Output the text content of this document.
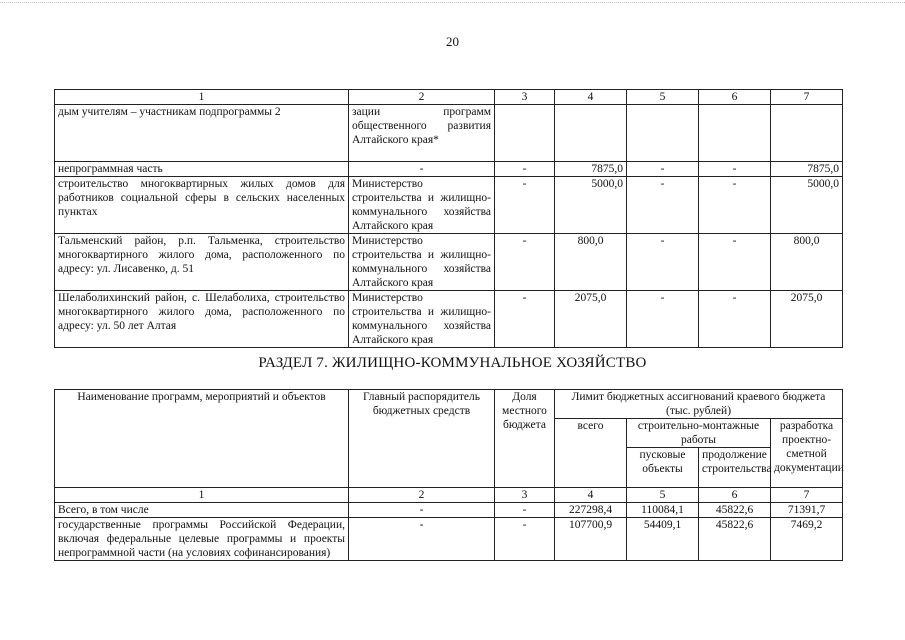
20
1	2	3	4	5	6	7
дым учителям – участникам подпрограммы 2	зации программ общественного развития Алтайского края*					
непрограммная часть	-	-	7875,0	-	-	7875,0
строительство многоквартирных жилых домов для работников социальной сферы в сельских населенных пунктах	Министерство строительства и жилищно-коммунального хозяйства Алтайского края	-	5000,0	-	-	5000,0
Тальменский район, р.п. Тальменка, строительство многоквартирного жилого дома, расположенного по адресу: ул. Лисавенко, д. 51	Министерство строительства и жилищно-коммунального хозяйства Алтайского края	-	800,0	-	-	800,0
Шелаболихинский район, с. Шелаболиха, строительство многоквартирного жилого дома, расположенного по адресу: ул. 50 лет Алтая	Министерство строительства и жилищно-коммунального хозяйства Алтайского края	-	2075,0	-	-	2075,0
РАЗДЕЛ 7. ЖИЛИЩНО-КОММУНАЛЬНОЕ ХОЗЯЙСТВО
Наименование программ, мероприятий и объектов	Главный распорядитель бюджетных средств	Доля местного бюджета	Лимит бюджетных ассигнований краевого бюджета (тыс. рублей)			
			всего	строительно-монтажные работы		разработка проектно-сметной документации
				пусковые объекты	продолжение строительства	
1	2	3	4	5	6	7
Всего, в том числе	-	-	227298,4	110084,1	45822,6	71391,7
государственные программы Российской Федерации, включая федеральные целевые программы и проекты непрограммной части (на условиях софинансирования)	-	-	107700,9	54409,1	45822,6	7469,2
